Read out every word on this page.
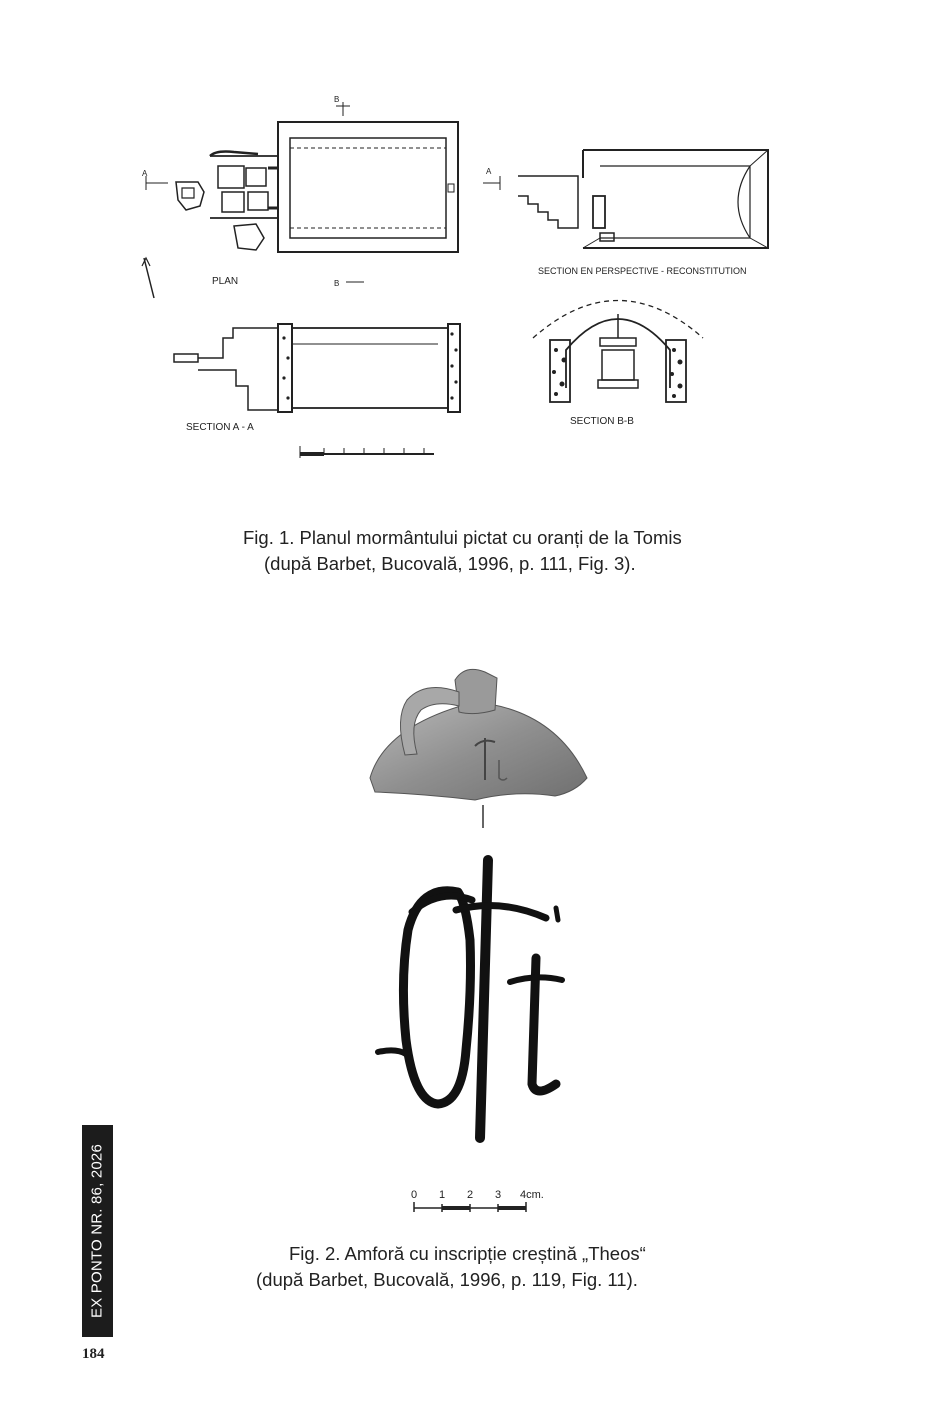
PLAN
SECTION A - A
SECTION B-B
SECTION EN PERSPECTIVE - RECONSTITUTION
A	A
B
B
Fig. 1. Planul mormântului pictat cu oranți de la Tomis
(după Barbet, Bucovală, 1996, p. 111, Fig. 3).
0 1 2 3 4cm.
Fig. 2. Amforă cu inscripție creștină „Theos“
(după Barbet, Bucovală, 1996, p. 119, Fig. 11).
EX PONTO NR. 86, 2026
184
